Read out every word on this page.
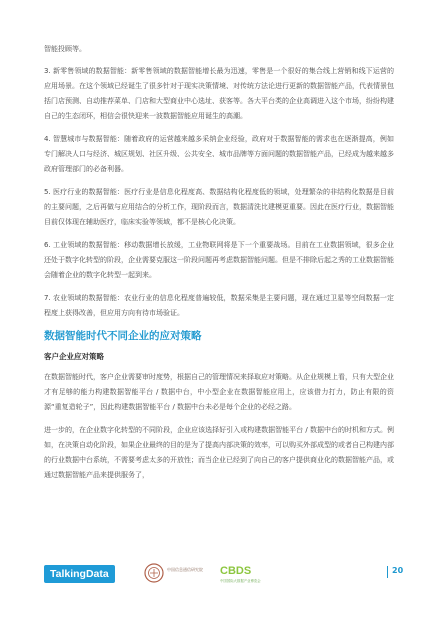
智能投顾等。

3. 新零售领域的数据智能：新零售领域的数据智能增长最为迅速，零售是一个很好的集合线上营销和线下运营的应用场景。在这个领域已经诞生了很多针对于现实决策情境、对传统方法论进行更新的数据智能产品，代表情景包括门店预测、自动推荐菜单、门店和大型商业中心选址、获客等。各大平台类的企业高调进入这个市场，纷纷构建自己的生态闭环，相信会很快迎来一波数据智能应用诞生的高潮。

4. 智慧城市与数据智能：随着政府的运营越来越多采纳企业经验，政府对于数据智能的需求也在逐渐提高，例如专门解决人口与经济、城区规划、社区升级、公共安全、城市品牌等方面问题的数据智能产品，已经成为越来越多政府管理部门的必备利器。

5. 医疗行业的数据智能：医疗行业是信息化程度高、数据结构化程度低的领域，处理繁杂的非结构化数据是目前的主要问题，之后再做与应用结合的分析工作，现阶段而言，数据清洗比建模更重要。因此在医疗行业，数据智能目前仅体现在辅助医疗，临床实验等领域，都不是核心化决策。

6. 工业领域的数据智能：移动数据增长放缓，工业物联网将是下一个重要战场。目前在工业数据领域，很多企业还处于数字化转型的阶段，企业需要克服这一阶段问题再考虑数据智能问题。但是不排除后起之秀的工业数据智能会随着企业的数字化转型一起到来。

7. 农业领域的数据智能：农业行业的信息化程度普遍较低，数据采集是主要问题，现在通过卫星等空间数据一定程度上获得改善，但应用方向有待市场验证。

数据智能时代不同企业的应对策略
客户企业应对策略

在数据智能时代，客户企业需要审时度势，根据自己的管理情况来择取应对策略。从企业规模上看，只有大型企业才有足够的能力构建数据智能平台 / 数据中台，中小型企业在数据智能应用上，应该借力打力，防止有限的资源“重复造轮子”，因此构建数据智能平台 / 数据中台未必是每个企业的必经之路。

进一步的，在企业数字化转型的不同阶段，企业应该选择好引入或构建数据智能平台 / 数据中台的时机和方式。例如，在决策自动化阶段，如果企业最终的目的是为了提高内部决策的效率，可以购买外部成型的或者自己构建内部的行业数据中台系统，不需要考虑太多的开放性；而当企业已经到了向自己的客户提供商业化的数据智能产品，或通过数据智能产品来提供服务了，

TalkingData	中国信息通信研究院	CBDS
中国国际大数据产业博览会
20
